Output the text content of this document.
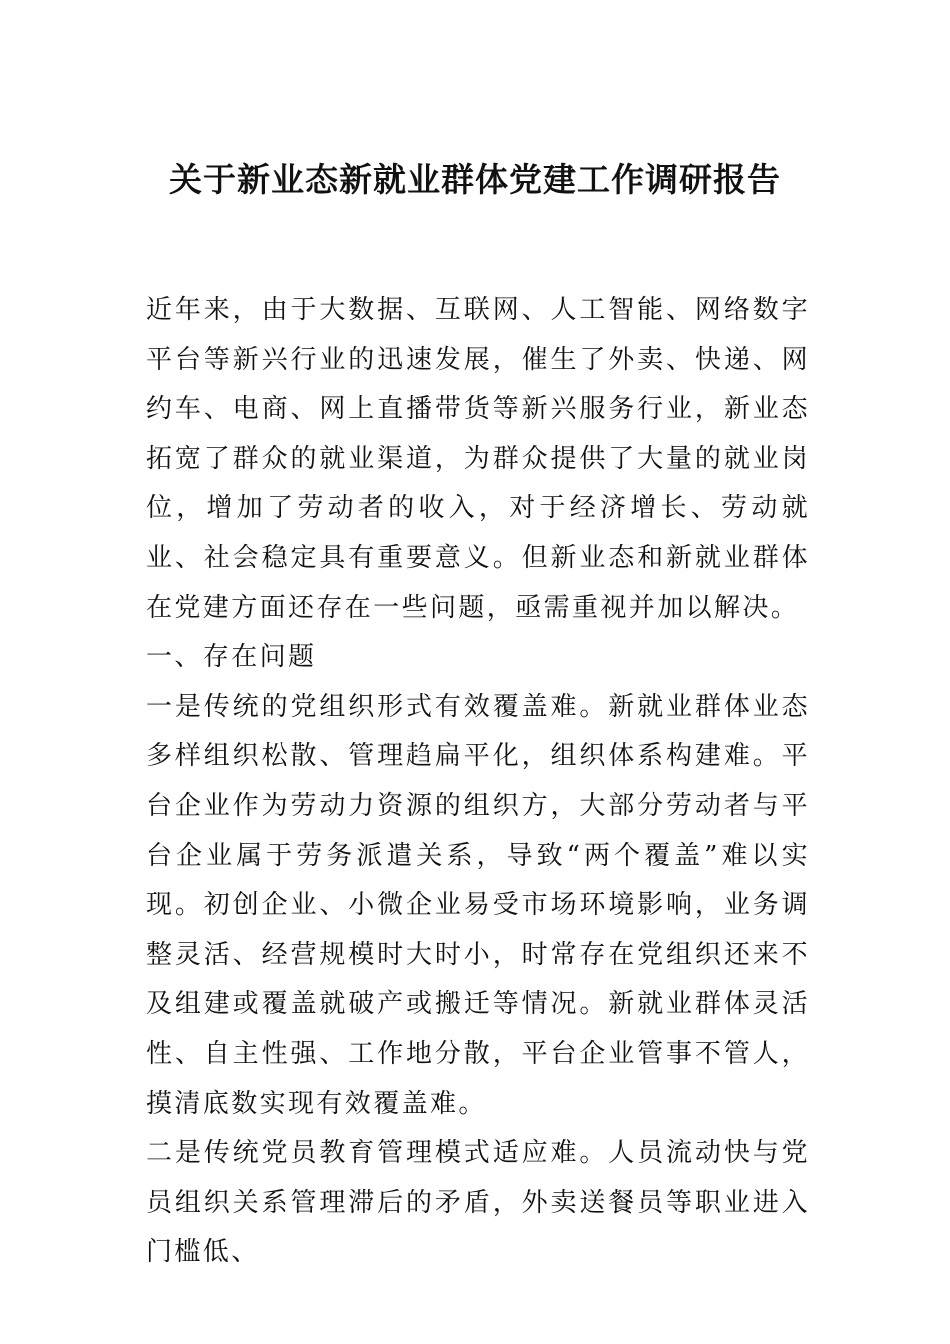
关于新业态新就业群体党建工作调研报告

近年来，由于大数据、互联网、人工智能、网络数字平台等新兴行业的迅速发展，催生了外卖、快递、网约车、电商、网上直播带货等新兴服务行业，新业态拓宽了群众的就业渠道，为群众提供了大量的就业岗位，增加了劳动者的收入，对于经济增长、劳动就业、社会稳定具有重要意义。但新业态和新就业群体在党建方面还存在一些问题，亟需重视并加以解决。

一、存在问题

一是传统的党组织形式有效覆盖难。新就业群体业态多样组织松散、管理趋扁平化，组织体系构建难。平台企业作为劳动力资源的组织方，大部分劳动者与平台企业属于劳务派遣关系，导致“两个覆盖”难以实现。初创企业、小微企业易受市场环境影响，业务调整灵活、经营规模时大时小，时常存在党组织还来不及组建或覆盖就破产或搬迁等情况。新就业群体灵活性、自主性强、工作地分散，平台企业管事不管人，摸清底数实现有效覆盖难。

二是传统党员教育管理模式适应难。人员流动快与党员组织关系管理滞后的矛盾，外卖送餐员等职业进入门槛低、
